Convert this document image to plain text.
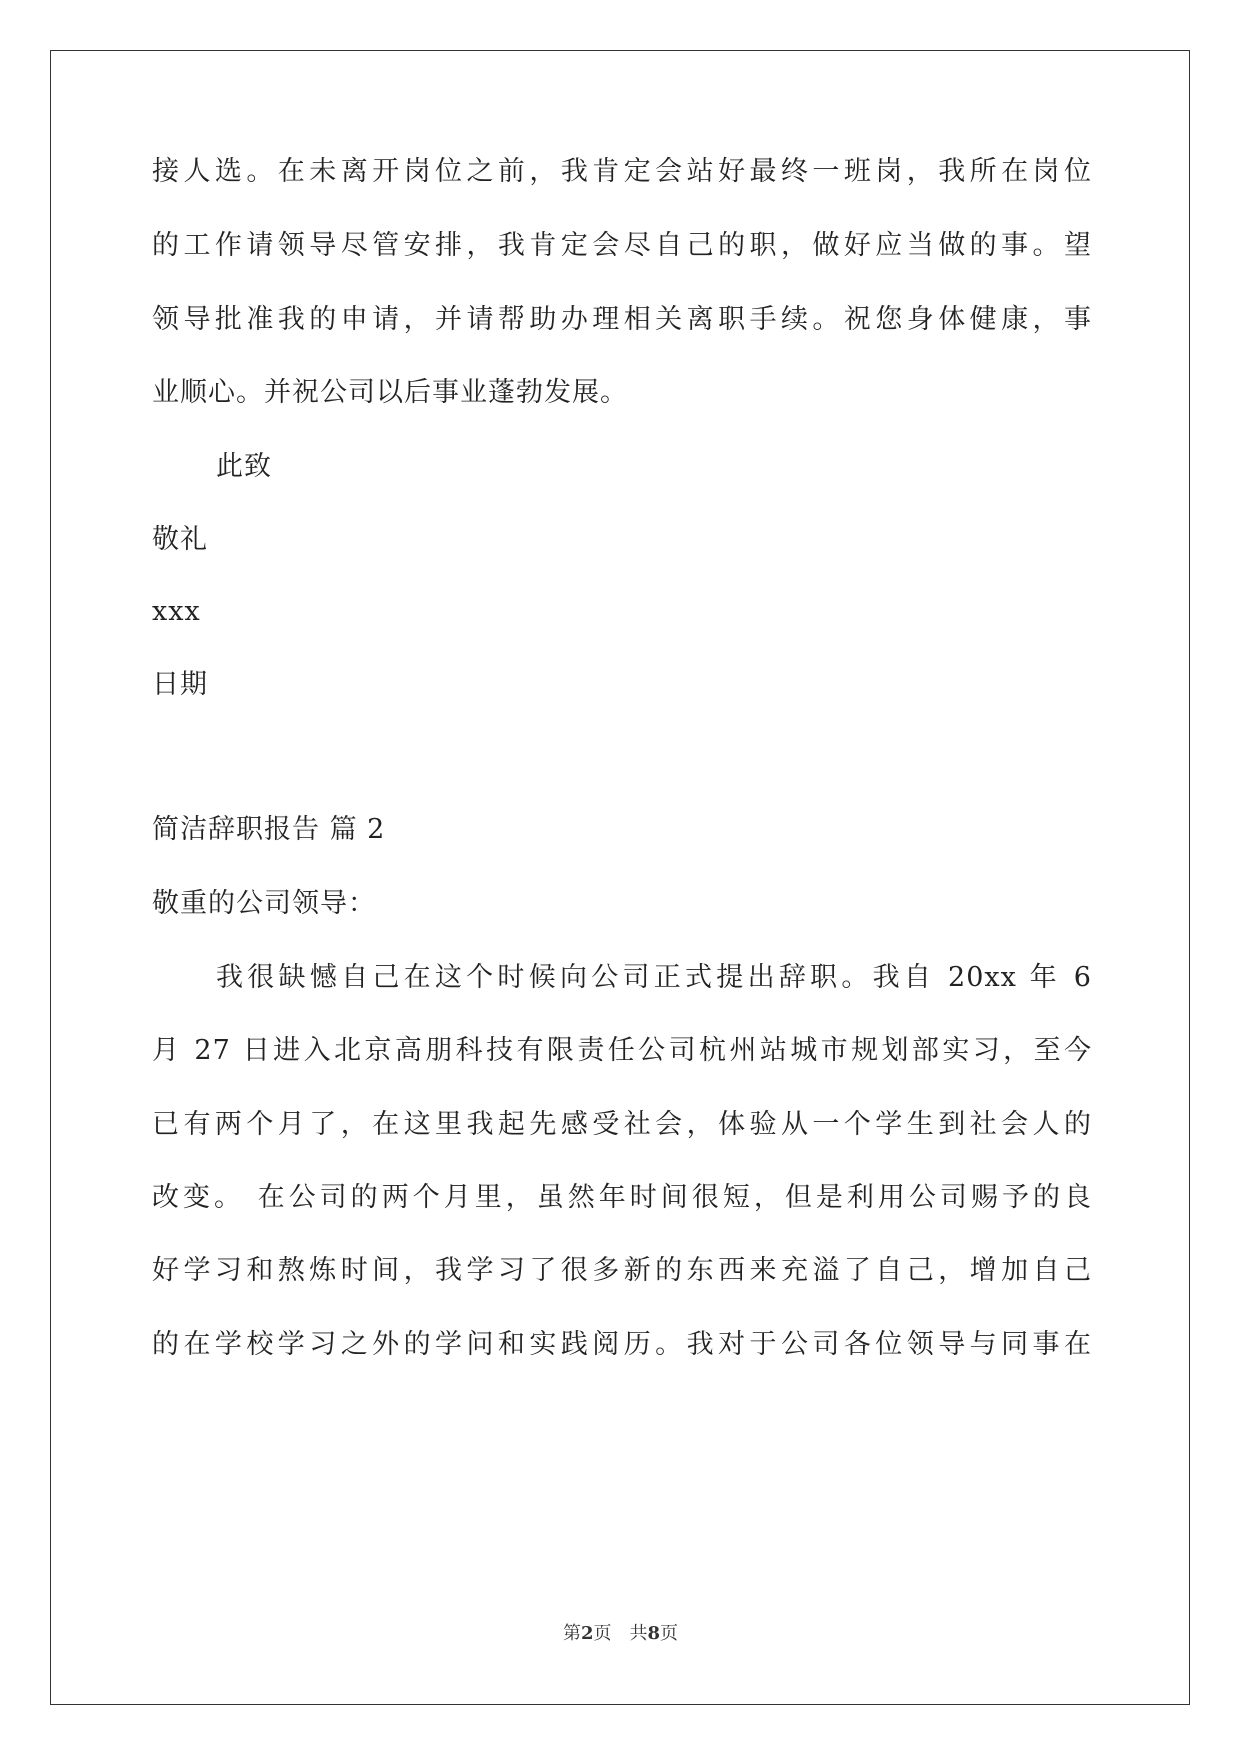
接人选。在未离开岗位之前，我肯定会站好最终一班岗，我所在岗位
的工作请领导尽管安排，我肯定会尽自己的职，做好应当做的事。望
领导批准我的申请，并请帮助办理相关离职手续。祝您身体健康，事
业顺心。并祝公司以后事业蓬勃发展。
此致
敬礼
xxx
日期
简洁辞职报告 篇 2
敬重的公司领导：
我很缺憾自己在这个时候向公司正式提出辞职。我自 20xx 年 6
月 27 日进入北京高朋科技有限责任公司杭州站城市规划部实习，至今
已有两个月了，在这里我起先感受社会，体验从一个学生到社会人的
改变。 在公司的两个月里，虽然年时间很短，但是利用公司赐予的良
好学习和熬炼时间，我学习了很多新的东西来充溢了自己，增加自己
的在学校学习之外的学问和实践阅历。我对于公司各位领导与同事在
第2页　共8页
